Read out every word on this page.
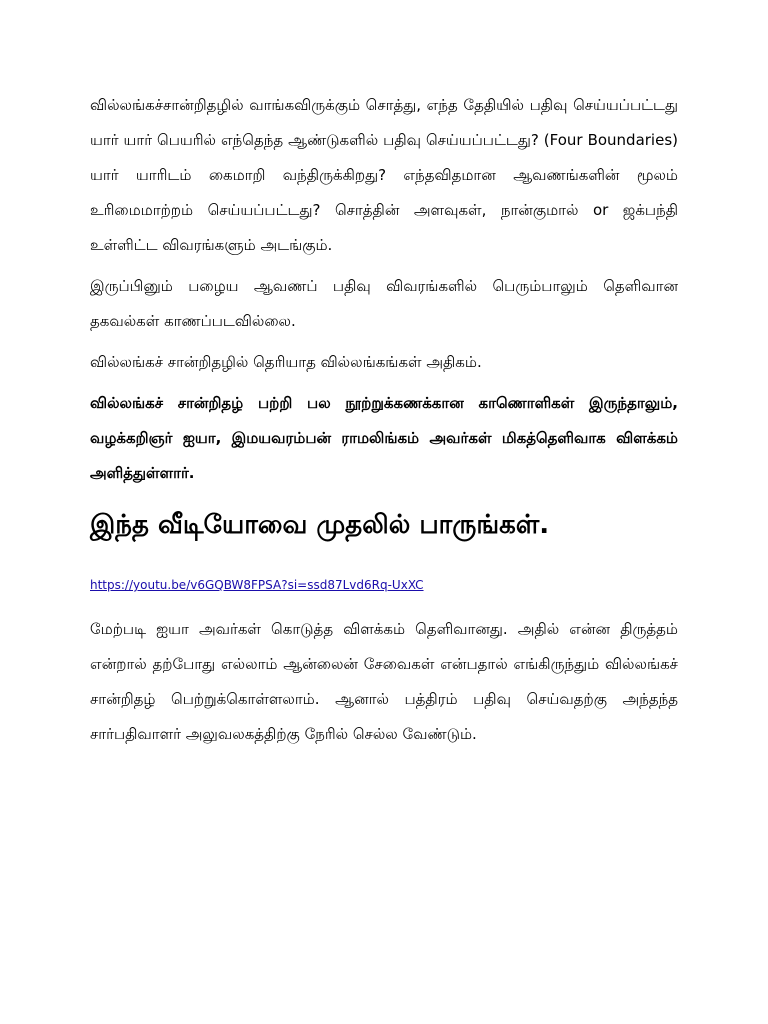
வில்லங்கச்சான்றிதழில் வாங்கவிருக்கும் சொத்து, எந்த தேதியில் பதிவு செய்யப்பட்டது யார் யார் பெயரில் எந்தெந்த ஆண்டுகளில் பதிவு செய்யப்பட்டது? (Four Boundaries) யார் யாரிடம் கைமாறி வந்திருக்கிறது? எந்தவிதமான ஆவணங்களின் மூலம் உரிமைமாற்றம் செய்யப்பட்டது? சொத்தின் அளவுகள், நான்குமால் or ஜக்பந்தி உள்ளிட்ட விவரங்களும் அடங்கும்.

இருப்பினும் பழைய ஆவணப் பதிவு விவரங்களில் பெரும்பாலும் தெளிவான தகவல்கள் காணப்படவில்லை.

வில்லங்கச் சான்றிதழில் தெரியாத வில்லங்கங்கள் அதிகம்.

வில்லங்கச் சான்றிதழ் பற்றி பல நூற்றுக்கணக்கான காணொளிகள் இருந்தாலும், வழக்கறிஞர் ஐயா, இமயவரம்பன் ராமலிங்கம் அவர்கள் மிகத்தெளிவாக விளக்கம் அளித்துள்ளார்.

இந்த வீடியோவை முதலில் பாருங்கள்.
https://youtu.be/v6GQBW8FPSA?si=ssd87Lvd6Rq-UxXC

மேற்படி ஐயா அவர்கள் கொடுத்த விளக்கம் தெளிவானது. அதில் என்ன திருத்தம் என்றால் தற்போது எல்லாம் ஆன்லைன் சேவைகள் என்பதால் எங்கிருந்தும் வில்லங்கச் சான்றிதழ் பெற்றுக்கொள்ளலாம். ஆனால் பத்திரம் பதிவு செய்வதற்கு அந்தந்த சார்பதிவாளர் அலுவலகத்திற்கு நேரில் செல்ல வேண்டும்.
